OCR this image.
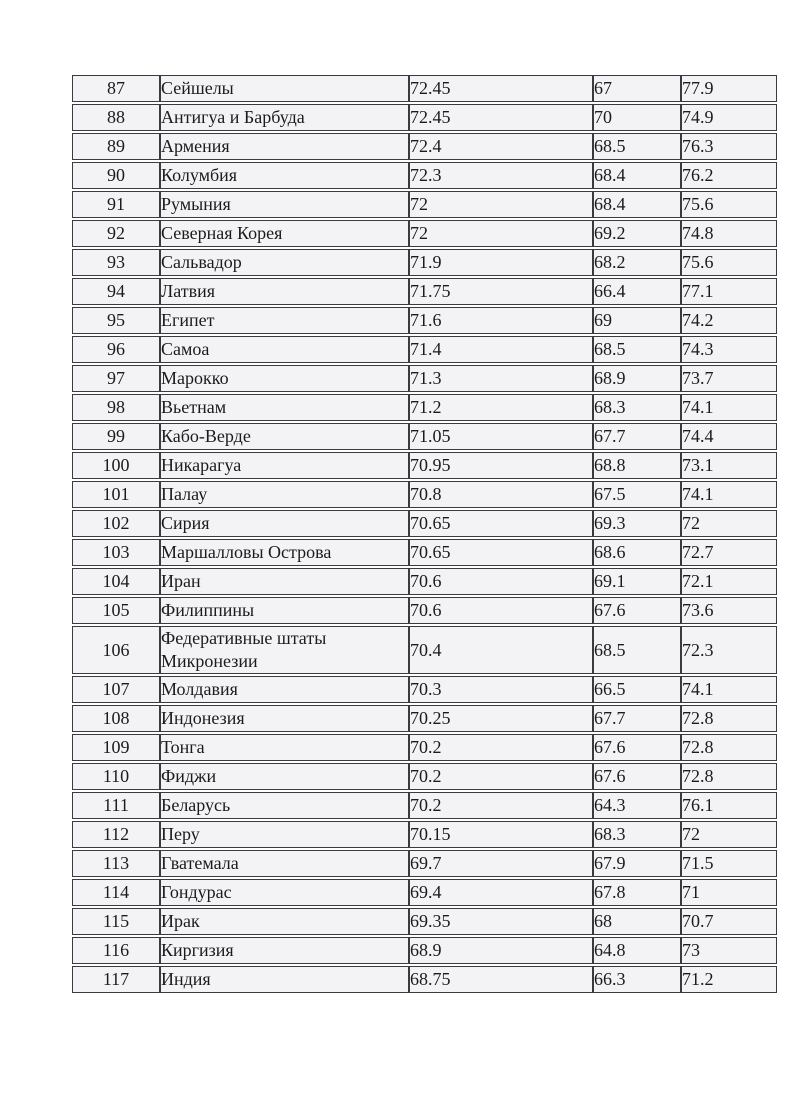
87	Сейшелы	72.45	67	77.9
88	Антигуа и Барбуда	72.45	70	74.9
89	Армения	72.4	68.5	76.3
90	Колумбия	72.3	68.4	76.2
91	Румыния	72	68.4	75.6
92	Северная Корея	72	69.2	74.8
93	Сальвадор	71.9	68.2	75.6
94	Латвия	71.75	66.4	77.1
95	Египет	71.6	69	74.2
96	Самоа	71.4	68.5	74.3
97	Марокко	71.3	68.9	73.7
98	Вьетнам	71.2	68.3	74.1
99	Кабо-Верде	71.05	67.7	74.4
100	Никарагуа	70.95	68.8	73.1
101	Палау	70.8	67.5	74.1
102	Сирия	70.65	69.3	72
103	Маршалловы Острова	70.65	68.6	72.7
104	Иран	70.6	69.1	72.1
105	Филиппины	70.6	67.6	73.6
106	Федеративные штаты Микронезии	70.4	68.5	72.3
107	Молдавия	70.3	66.5	74.1
108	Индонезия	70.25	67.7	72.8
109	Тонга	70.2	67.6	72.8
110	Фиджи	70.2	67.6	72.8
111	Беларусь	70.2	64.3	76.1
112	Перу	70.15	68.3	72
113	Гватемала	69.7	67.9	71.5
114	Гондурас	69.4	67.8	71
115	Ирак	69.35	68	70.7
116	Киргизия	68.9	64.8	73
117	Индия	68.75	66.3	71.2
